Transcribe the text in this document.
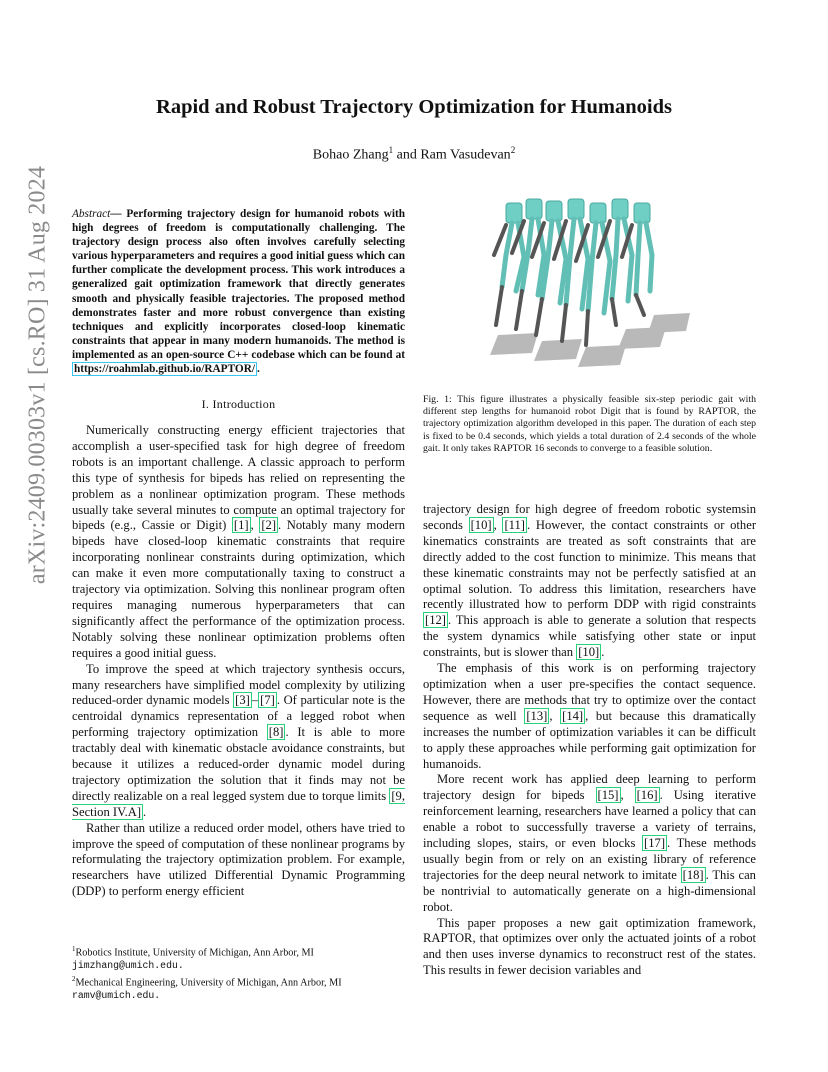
Rapid and Robust Trajectory Optimization for Humanoids
Bohao Zhang$^1$ and Ram Vasudevan$^2$
arXiv:2409.00303v1 [cs.RO] 31 Aug 2024 Abstract— Performing trajectory design for humanoid robots with high degrees of freedom is computationally challenging. The trajectory design process also often involves carefully selecting various hyperparameters and requires a good initial guess which can further complicate the development process. This work introduces a generalized gait optimization framework that directly generates smooth and physically feasible trajectories. The proposed method demonstrates faster and more robust convergence than existing techniques and explicitly incorporates closed-loop kinematic constraints that appear in many modern humanoids. The method is implemented as an open-source C++ codebase which can be found at https://roahmlab.github.io/RAPTOR/ .
I. Introduction

Numerically constructing energy efficient trajectories that accomplish a user-specified task for high degree of freedom robots is an important challenge. A classic approach to perform this type of synthesis for bipeds has relied on representing the problem as a nonlinear optimization program. These methods usually take several minutes to compute an optimal trajectory for bipeds (e.g., Cassie or Digit) [1] , [2] . Notably many modern bipeds have closed-loop kinematic constraints that require incorporating nonlinear constraints during optimization, which can make it even more computationally taxing to construct a trajectory via optimization. Solving this nonlinear program often requires managing numerous hyperparameters that can significantly affect the performance of the optimization process. Notably solving these nonlinear optimization problems often requires a good initial guess.

To improve the speed at which trajectory synthesis occurs, many researchers have simplified model complexity by utilizing reduced-order dynamic models [3] – [7] . Of particular note is the centroidal dynamics representation of a legged robot when performing trajectory optimization [8] . It is able to more tractably deal with kinematic obstacle avoidance constraints, but because it utilizes a reduced-order dynamic model during trajectory optimization the solution that it finds may not be directly realizable on a real legged system due to torque limits [9, Section IV.A] .

Rather than utilize a reduced order model, others have tried to improve the speed of computation of these nonlinear programs by reformulating the trajectory optimization problem. For example, researchers have utilized Differential Dynamic Programming (DDP) to perform energy efficient

$^1$Robotics Institute, University of Michigan, Ann Arbor, MI
jimzhang@umich.edu.
$^2$Mechanical Engineering, University of Michigan, Ann Arbor, MI
ramv@umich.edu.
Fig. 1: This figure illustrates a physically feasible six-step periodic gait with different step lengths for humanoid robot Digit that is found by RAPTOR, the trajectory optimization algorithm developed in this paper. The duration of each step is fixed to be 0.4 seconds, which yields a total duration of 2.4 seconds of the whole gait. It only takes RAPTOR 16 seconds to converge to a feasible solution.

trajectory design for high degree of freedom robotic systemsin seconds [10] , [11] . However, the contact constraints or other kinematics constraints are treated as soft constraints that are directly added to the cost function to minimize. This means that these kinematic constraints may not be perfectly satisfied at an optimal solution. To address this limitation, researchers have recently illustrated how to perform DDP with rigid constraints [12] . This approach is able to generate a solution that respects the system dynamics while satisfying other state or input constraints, but is slower than [10] .

The emphasis of this work is on performing trajectory optimization when a user pre-specifies the contact sequence. However, there are methods that try to optimize over the contact sequence as well [13] , [14] , but because this dramatically increases the number of optimization variables it can be difficult to apply these approaches while performing gait optimization for humanoids.

More recent work has applied deep learning to perform trajectory design for bipeds [15] , [16] . Using iterative reinforcement learning, researchers have learned a policy that can enable a robot to successfully traverse a variety of terrains, including slopes, stairs, or even blocks [17] . These methods usually begin from or rely on an existing library of reference trajectories for the deep neural network to imitate [18] . This can be nontrivial to automatically generate on a high-dimensional robot.

This paper proposes a new gait optimization framework, RAPTOR, that optimizes over only the actuated joints of a robot and then uses inverse dynamics to reconstruct rest of the states. This results in fewer decision variables and
